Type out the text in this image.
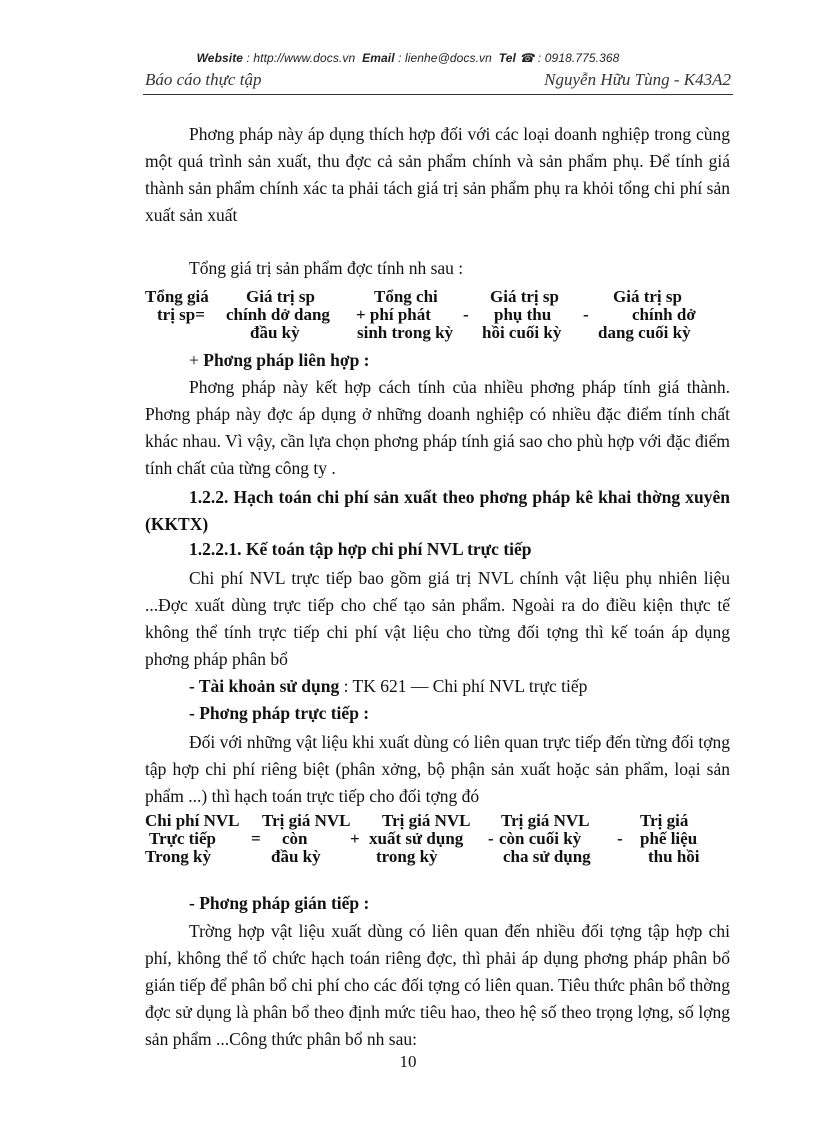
Website : http://www.docs.vn Email : lienhe@docs.vn Tel ☎ : 0918.775.368
Báo cáo thực tập	Nguyễn Hữu Tùng - K43A2
Phơng pháp này áp dụng thích hợp đối với các loại doanh nghiệp trong cùng một quá trình sản xuất, thu đợc cả sản phẩm chính và sản phẩm phụ. Để tính giá thành sản phẩm chính xác ta phải tách giá trị sản phẩm phụ ra khỏi tổng chi phí sản xuất sản xuất
Tổng giá trị sản phẩm đợc tính nh sau :
Tổng giá Giá trị sp	Tổng chi	Giá trị sp	Giá trị sp
trị sp= chính dở dang + phí phát - phụ thu -	chính dở
đầu kỳ	sinh trong kỳ hồi cuối kỳ dang cuối kỳ
+ Phơng pháp liên hợp :
Phơng pháp này kết hợp cách tính của nhiều phơng pháp tính giá thành. Phơng pháp này đợc áp dụng ở những doanh nghiệp có nhiều đặc điểm tính chất khác nhau. Vì vậy, cần lựa chọn phơng pháp tính giá sao cho phù hợp với đặc điểm tính chất của từng công ty .
1.2.2. Hạch toán chi phí sản xuất theo phơng pháp kê khai thờng xuyên (KKTX)
1.2.2.1. Kế toán tập hợp chi phí NVL trực tiếp
Chi phí NVL trực tiếp bao gồm giá trị NVL chính vật liệu phụ nhiên liệu ...Đợc xuất dùng trực tiếp cho chế tạo sản phẩm. Ngoài ra do điều kiện thực tế không thể tính trực tiếp chi phí vật liệu cho từng đối tợng thì kế toán áp dụng phơng pháp phân bổ
- Tài khoản sử dụng : TK 621 — Chi phí NVL trực tiếp
- Phơng pháp trực tiếp :
Đối với những vật liệu khi xuất dùng có liên quan trực tiếp đến từng đối tợng tập hợp chi phí riêng biệt (phân xởng, bộ phận sản xuất hoặc sản phẩm, loại sản phẩm ...) thì hạch toán trực tiếp cho đối tợng đó
Chi phí NVL Trị giá NVL Trị giá NVL Trị giá NVL	Trị giá
Trực tiếp = còn	+ xuất sử dụng - còn cuối kỳ - phế liệu
Trong kỳ	đầu kỳ	trong kỳ	cha sử dụng	thu hồi
- Phơng pháp gián tiếp :
Trờng hợp vật liệu xuất dùng có liên quan đến nhiều đối tợng tập hợp chi phí, không thể tổ chức hạch toán riêng đợc, thì phải áp dụng phơng pháp phân bổ gián tiếp để phân bổ chi phí cho các đối tợng có liên quan. Tiêu thức phân bổ thờng đợc sử dụng là phân bổ theo định mức tiêu hao, theo hệ số theo trọng lợng, số lợng sản phẩm ...Công thức phân bổ nh sau:
10
